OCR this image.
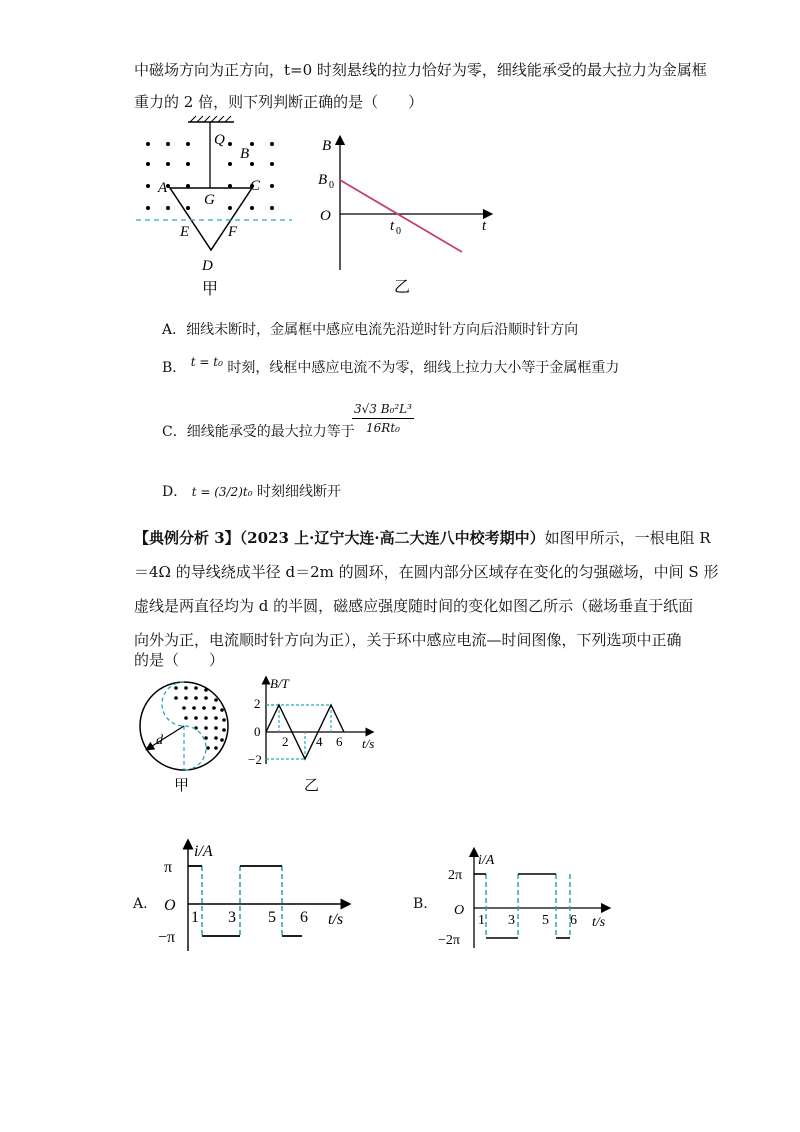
中磁场方向为正方向，t=0 时刻悬线的拉力恰好为零，细线能承受的最大拉力为金属框
重力的 2 倍，则下列判断正确的是（　　）
Q
B
A	C
G
E	F
D
甲
B
B 0
O
t 0	t
乙
A．细线未断时，金属框中感应电流先沿逆时针方向后沿顺时针方向
B． t = t₀ 时刻，线框中感应电流不为零，细线上拉力大小等于金属框重力
C．细线能承受的最大拉力等于
$\frac{\text{3√3 B₀²L³}}{\text{16Rt₀}}$
D． t = (3/2)t₀ 时刻细线断开
【典例分析 3】（2023 上·辽宁大连·高二大连八中校考期中）如图甲所示，一根电阻 R
＝4Ω 的导线绕成半径 d＝2m 的圆环，在圆内部分区域存在变化的匀强磁场，中间 S 形
虚线是两直径均为 d 的半圆，磁感应强度随时间的变化如图乙所示（磁场垂直于纸面
向外为正，电流顺时针方向为正），关于环中感应电流—时间图像，下列选项中正确
的是（　　）
d
甲
B/T
2
0
−2
2 4 6 t/s
乙
A.
i/A
π
O
−π
1 3 5 6 t/s
B.
i/A
2π
O
−2π
1 3 5 6 t/s
